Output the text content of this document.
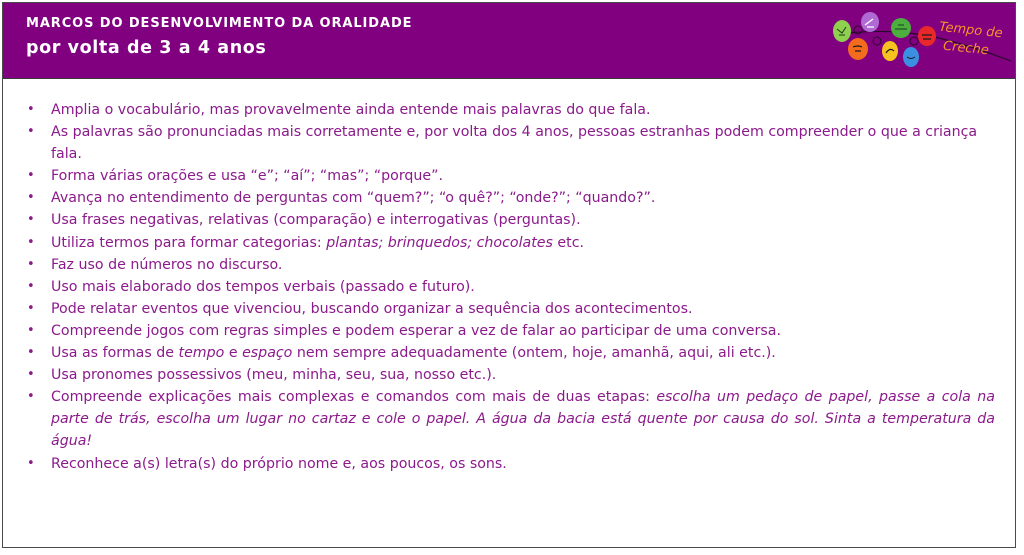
MARCOS DO DESENVOLVIMENTO DA ORALIDADE
por volta de 3 a 4 anos
Tempo de
Creche
• Amplia o vocabulário, mas provavelmente ainda entende mais palavras do que fala.
• As palavras são pronunciadas mais corretamente e, por volta dos 4 anos, pessoas estranhas podem compreender o que a criança fala.
• Forma várias orações e usa “e”; “aí”; “mas”; “porque”.
• Avança no entendimento de perguntas com “quem?”; “o quê?”; “onde?”; “quando?”.
• Usa frases negativas, relativas (comparação) e interrogativas (perguntas).
• Utiliza termos para formar categorias: plantas; brinquedos; chocolates etc.
• Faz uso de números no discurso.
• Uso mais elaborado dos tempos verbais (passado e futuro).
• Pode relatar eventos que vivenciou, buscando organizar a sequência dos acontecimentos.
• Compreende jogos com regras simples e podem esperar a vez de falar ao participar de uma conversa.
• Usa as formas de tempo e espaço nem sempre adequadamente (ontem, hoje, amanhã, aqui, ali etc.).
• Usa pronomes possessivos (meu, minha, seu, sua, nosso etc.).
• Compreende explicações mais complexas e comandos com mais de duas etapas: escolha um pedaço de papel, passe a cola na parte de trás, escolha um lugar no cartaz e cole o papel. A água da bacia está quente por causa do sol. Sinta a temperatura da água!
• Reconhece a(s) letra(s) do próprio nome e, aos poucos, os sons.
